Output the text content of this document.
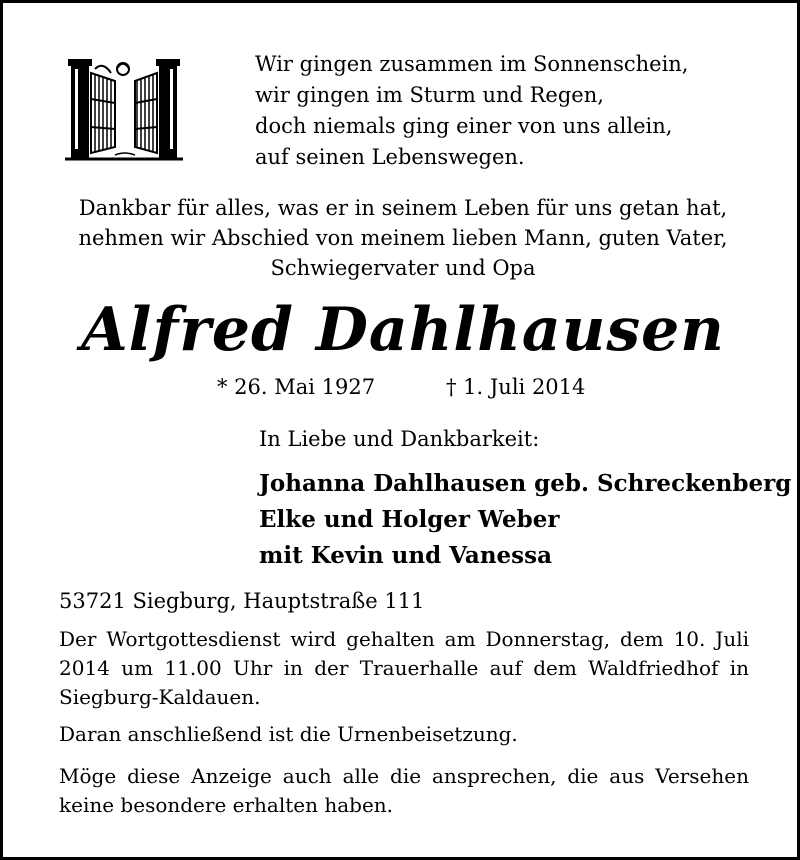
Wir gingen zusammen im Sonnenschein,
wir gingen im Sturm und Regen,
doch niemals ging einer von uns allein,
auf seinen Lebenswegen.
Dankbar für alles, was er in seinem Leben für uns getan hat,
nehmen wir Abschied von meinem lieben Mann, guten Vater,
Schwiegervater und Opa
Alfred Dahlhausen
* 26. Mai 1927	† 1. Juli 2014
In Liebe und Dankbarkeit:
Johanna Dahlhausen geb. Schreckenberg
Elke und Holger Weber
mit Kevin und Vanessa
53721 Siegburg, Hauptstraße 111
Der Wortgottesdienst wird gehalten am Donnerstag, dem 10. Juli 2014 um 11.00 Uhr in der Trauerhalle auf dem Waldfriedhof in Siegburg-Kaldauen.
Daran anschließend ist die Urnenbeisetzung.
Möge diese Anzeige auch alle die ansprechen, die aus Versehen keine besondere erhalten haben.
